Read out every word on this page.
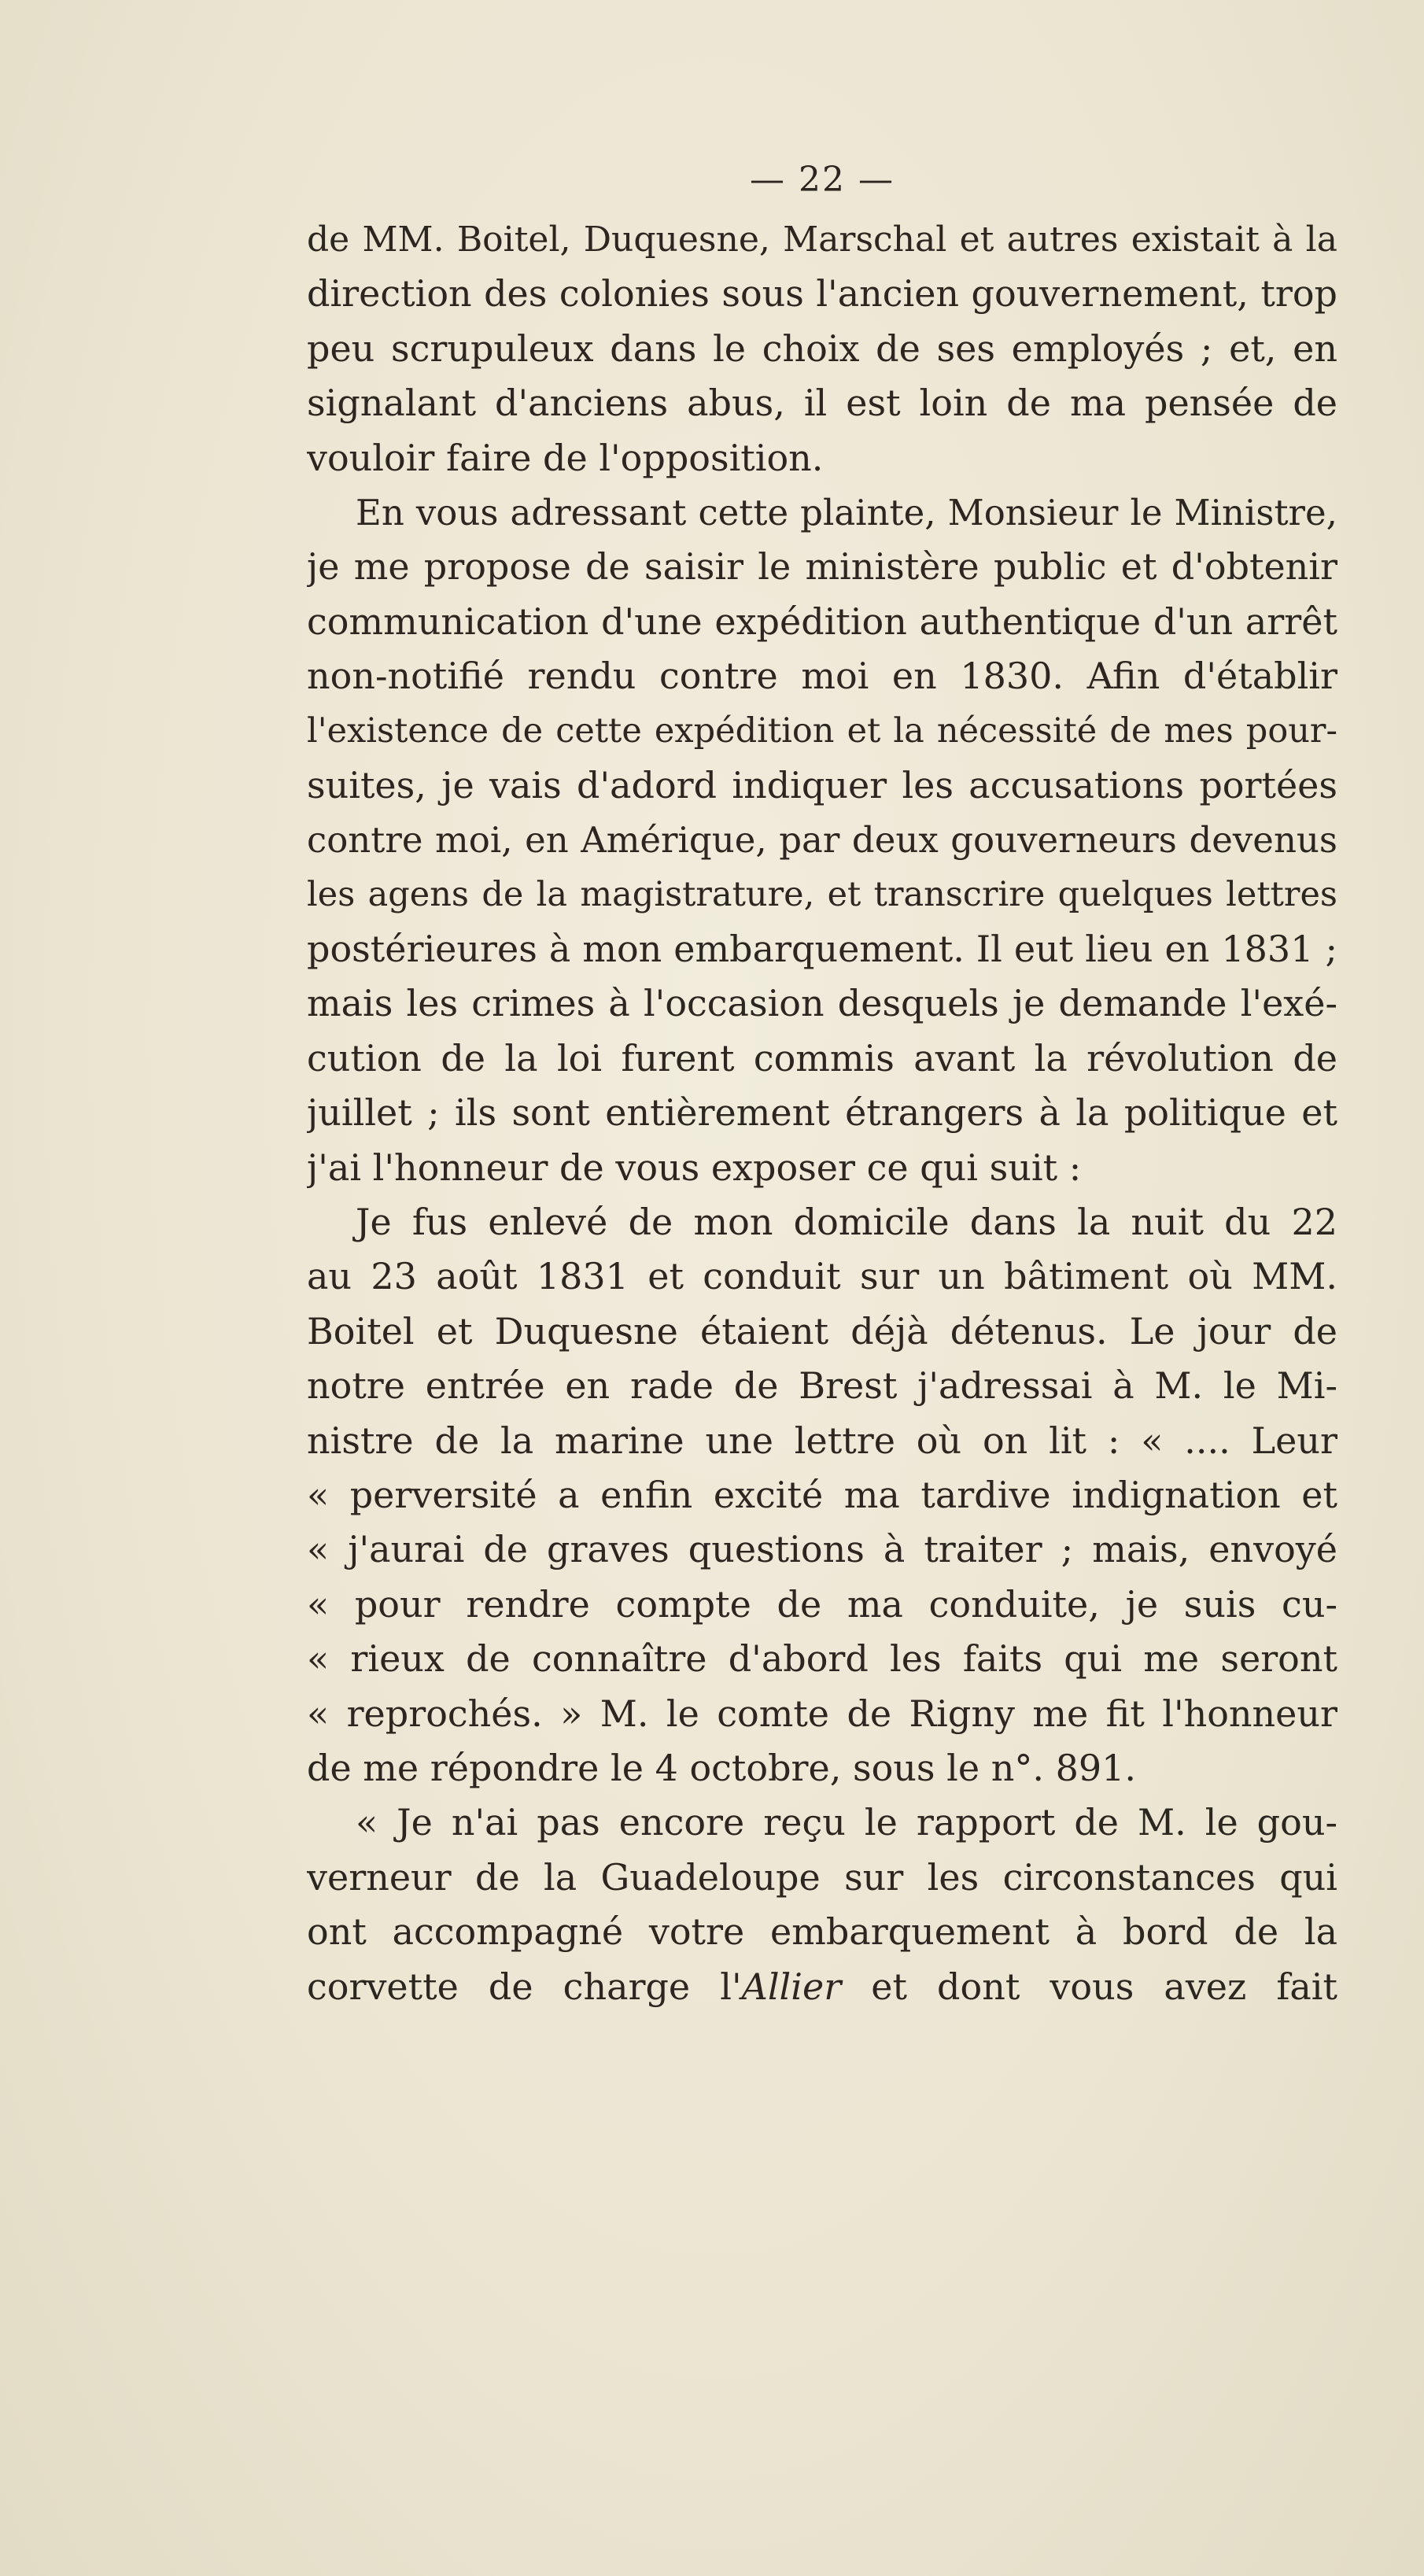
— 22 —
de MM. Boitel, Duquesne, Marschal et autres existait à la
direction des colonies sous l'ancien gouvernement, trop
peu scrupuleux dans le choix de ses employés ; et, en
signalant d'anciens abus, il est loin de ma pensée de
vouloir faire de l'opposition.
En vous adressant cette plainte, Monsieur le Ministre,
je me propose de saisir le ministère public et d'obtenir
communication d'une expédition authentique d'un arrêt
non-notifié rendu contre moi en 1830. Afin d'établir
l'existence de cette expédition et la nécessité de mes pour-
suites, je vais d'adord indiquer les accusations portées
contre moi, en Amérique, par deux gouverneurs devenus
les agens de la magistrature, et transcrire quelques lettres
postérieures à mon embarquement. Il eut lieu en 1831 ;
mais les crimes à l'occasion desquels je demande l'exé-
cution de la loi furent commis avant la révolution de
juillet ; ils sont entièrement étrangers à la politique et
j'ai l'honneur de vous exposer ce qui suit :
Je fus enlevé de mon domicile dans la nuit du 22
au 23 août 1831 et conduit sur un bâtiment où MM.
Boitel et Duquesne étaient déjà détenus. Le jour de
notre entrée en rade de Brest j'adressai à M. le Mi-
nistre de la marine une lettre où on lit : « .... Leur
« perversité a enfin excité ma tardive indignation et
« j'aurai de graves questions à traiter ; mais, envoyé
« pour rendre compte de ma conduite, je suis cu-
« rieux de connaître d'abord les faits qui me seront
« reprochés. » M. le comte de Rigny me fit l'honneur
de me répondre le 4 octobre, sous le n°. 891.
« Je n'ai pas encore reçu le rapport de M. le gou-
verneur de la Guadeloupe sur les circonstances qui
ont accompagné votre embarquement à bord de la
corvette de charge l'Allier et dont vous avez fait
